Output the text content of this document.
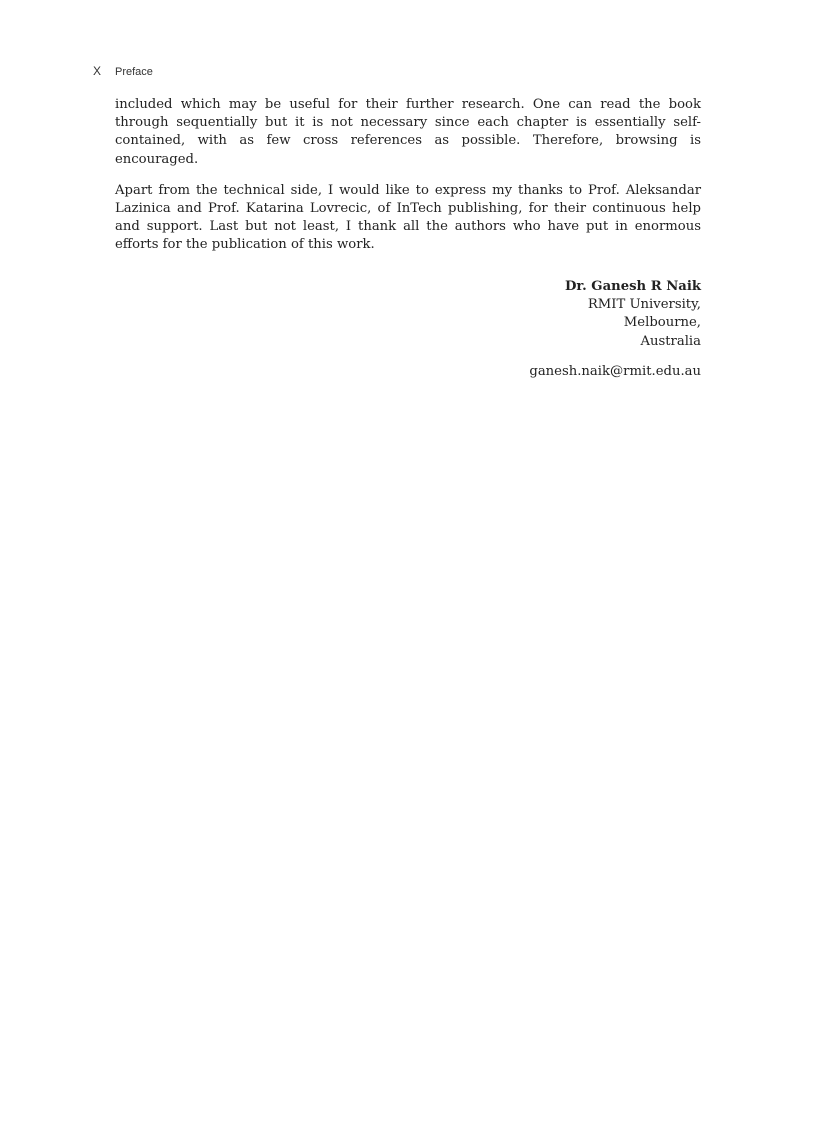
X Preface

included which may be useful for their further research. One can read the book through sequentially but it is not necessary since each chapter is essentially self-contained, with as few cross references as possible. Therefore, browsing is encouraged.

Apart from the technical side, I would like to express my thanks to Prof. Aleksandar Lazinica and Prof. Katarina Lovrecic, of InTech publishing, for their continuous help and support. Last but not least, I thank all the authors who have put in enormous efforts for the publication of this work.

Dr. Ganesh R Naik
RMIT University,
Melbourne,
Australia
ganesh.naik@rmit.edu.au
